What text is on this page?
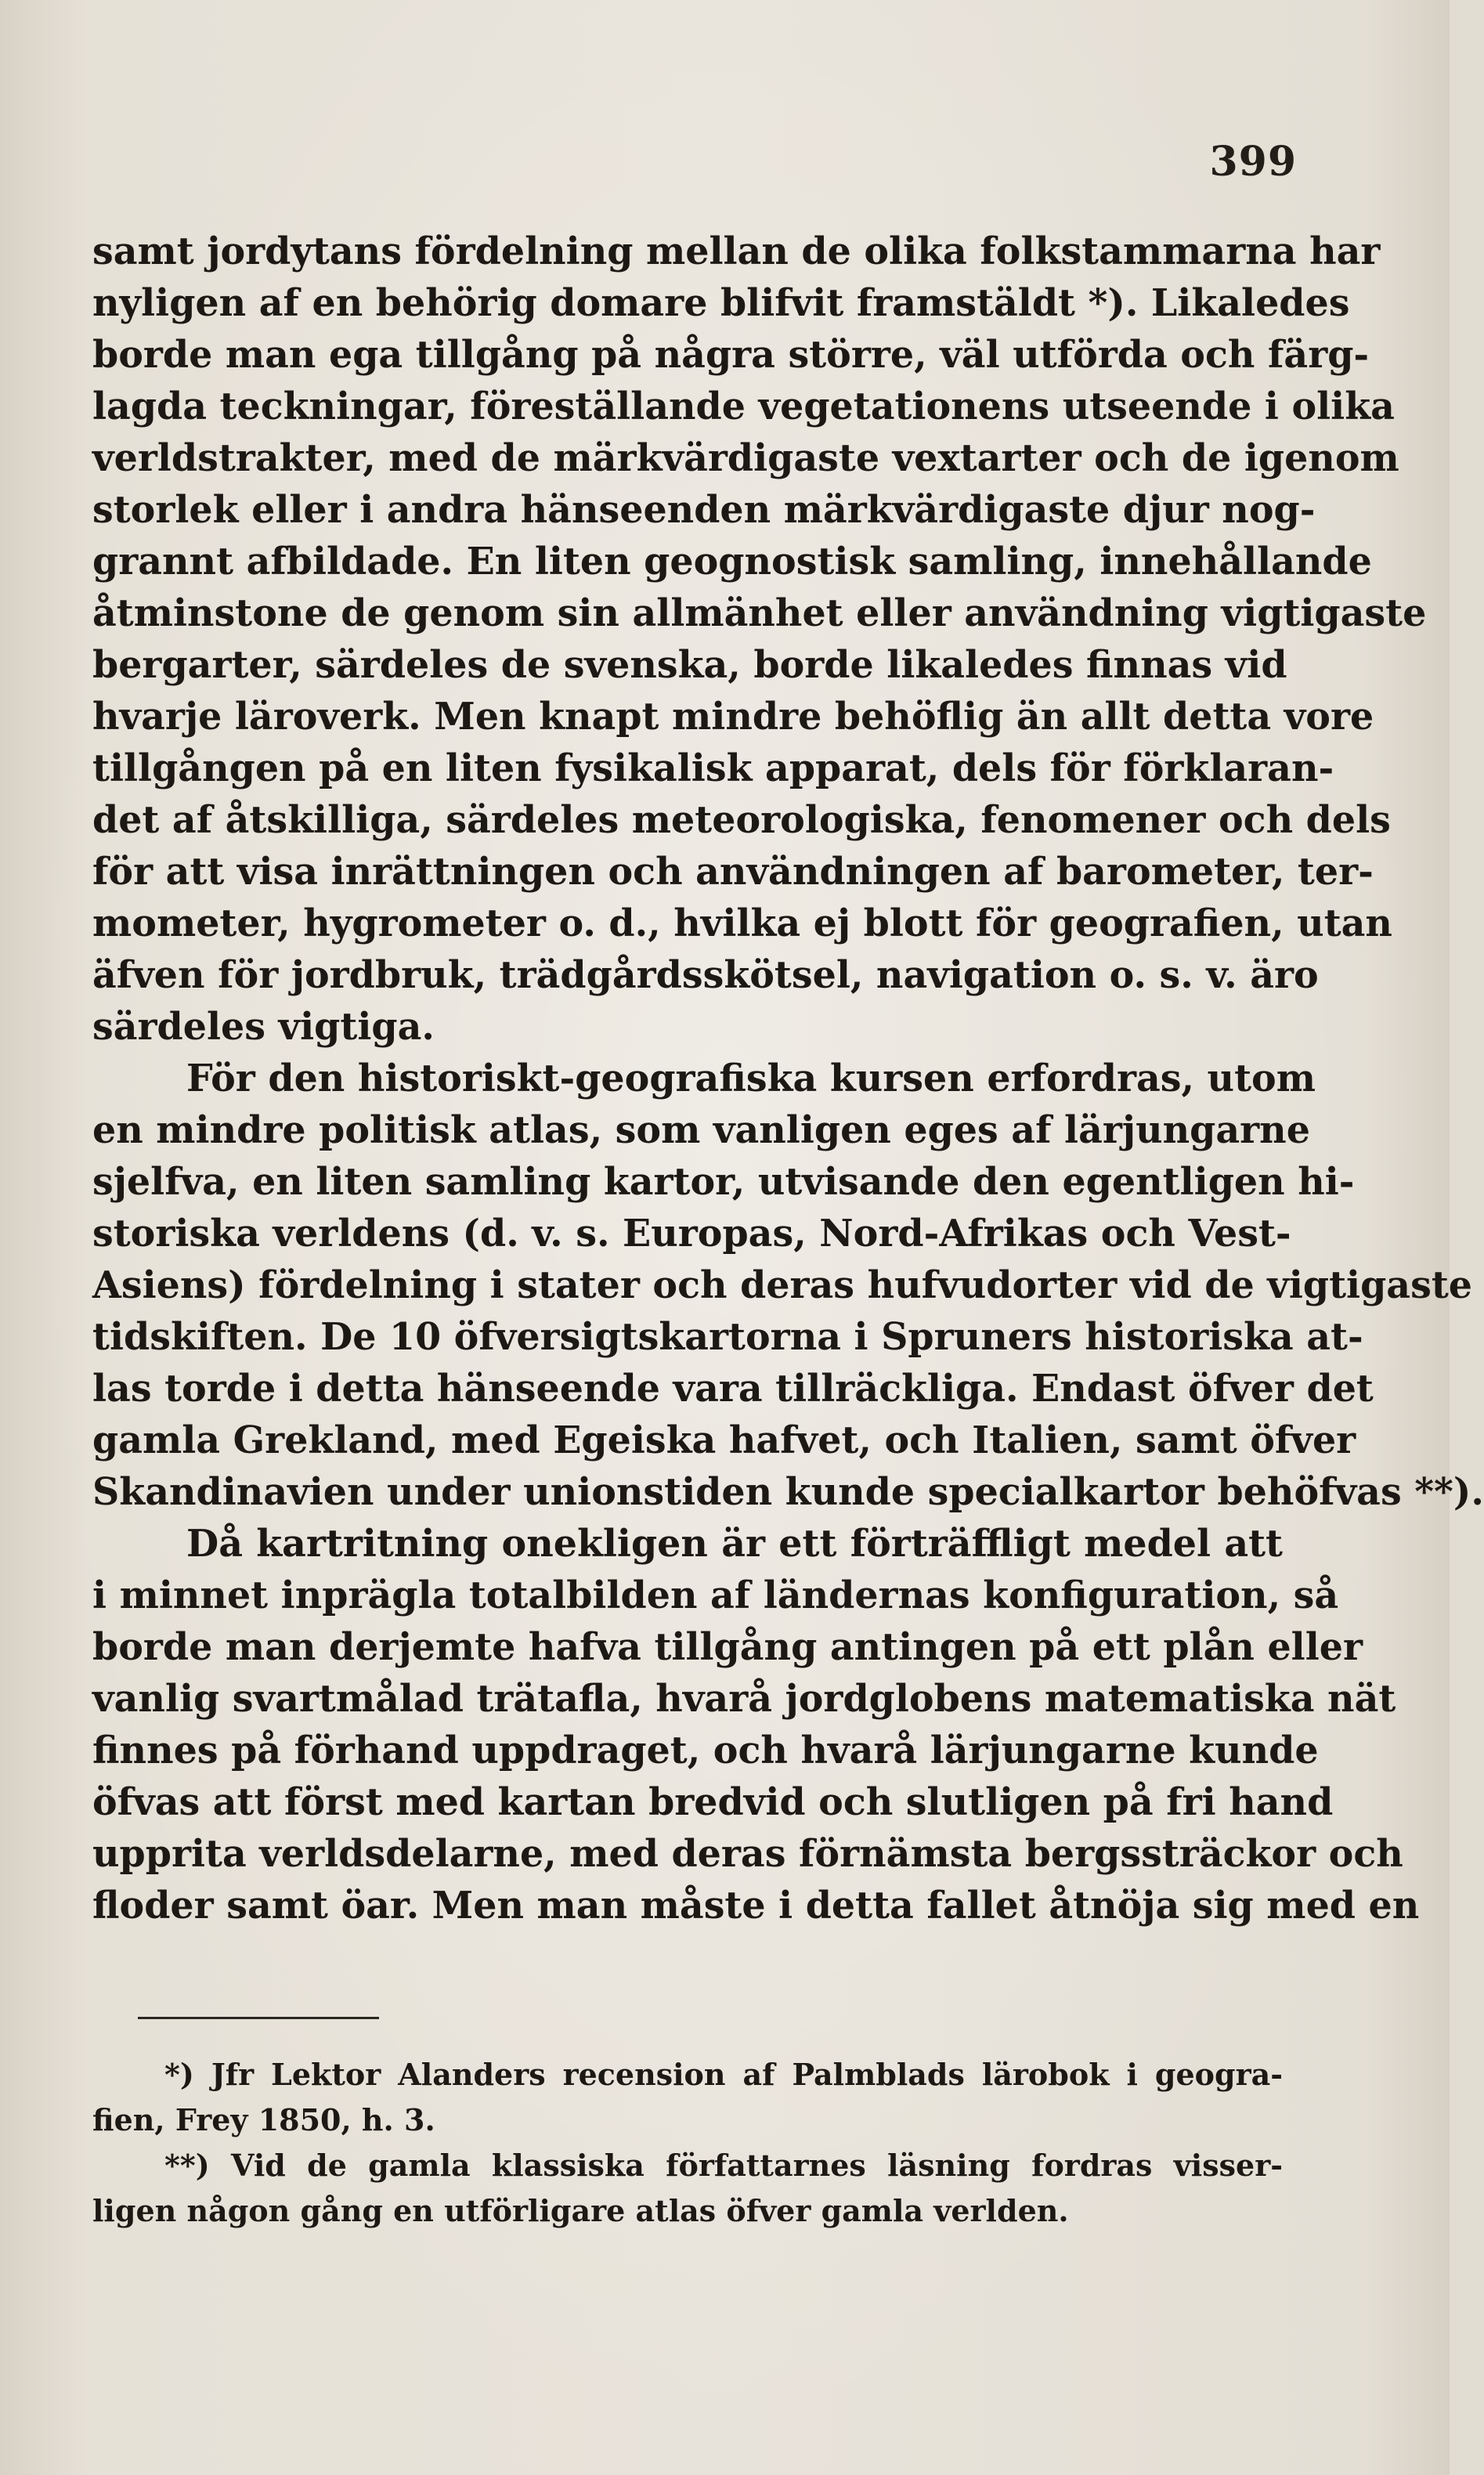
399
samt jordytans fördelning mellan de olika folkstammarna har
nyligen af en behörig domare blifvit framstäldt *). Likaledes
borde man ega tillgång på några större, väl utförda och färg-
lagda teckningar, föreställande vegetationens utseende i olika
verldstrakter, med de märkvärdigaste vextarter och de igenom
storlek eller i andra hänseenden märkvärdigaste djur nog-
grannt afbildade. En liten geognostisk samling, innehållande
åtminstone de genom sin allmänhet eller användning vigtigaste
bergarter, särdeles de svenska, borde likaledes finnas vid
hvarje läroverk. Men knapt mindre behöflig än allt detta vore
tillgången på en liten fysikalisk apparat, dels för förklaran-
det af åtskilliga, särdeles meteorologiska, fenomener och dels
för att visa inrättningen och användningen af barometer, ter-
mometer, hygrometer o. d., hvilka ej blott för geografien, utan
äfven för jordbruk, trädgårdsskötsel, navigation o. s. v. äro
särdeles vigtiga.
För den historiskt-geografiska kursen erfordras, utom
en mindre politisk atlas, som vanligen eges af lärjungarne
sjelfva, en liten samling kartor, utvisande den egentligen hi-
storiska verldens (d. v. s. Europas, Nord-Afrikas och Vest-
Asiens) fördelning i stater och deras hufvudorter vid de vigtigaste
tidskiften. De 10 öfversigtskartorna i Spruners historiska at-
las torde i detta hänseende vara tillräckliga. Endast öfver det
gamla Grekland, med Egeiska hafvet, och Italien, samt öfver
Skandinavien under unionstiden kunde specialkartor behöfvas **).
Då kartritning onekligen är ett förträffligt medel att
i minnet inprägla totalbilden af ländernas konfiguration, så
borde man derjemte hafva tillgång antingen på ett plån eller
vanlig svartmålad trätafla, hvarå jordglobens matematiska nät
finnes på förhand uppdraget, och hvarå lärjungarne kunde
öfvas att först med kartan bredvid och slutligen på fri hand
upprita verldsdelarne, med deras förnämsta bergssträckor och
floder samt öar. Men man måste i detta fallet åtnöja sig med en
*) Jfr Lektor Alanders recension af Palmblads lärobok i geogra-
fien, Frey 1850, h. 3.
**) Vid de gamla klassiska författarnes läsning fordras visser-
ligen någon gång en utförligare atlas öfver gamla verlden.
